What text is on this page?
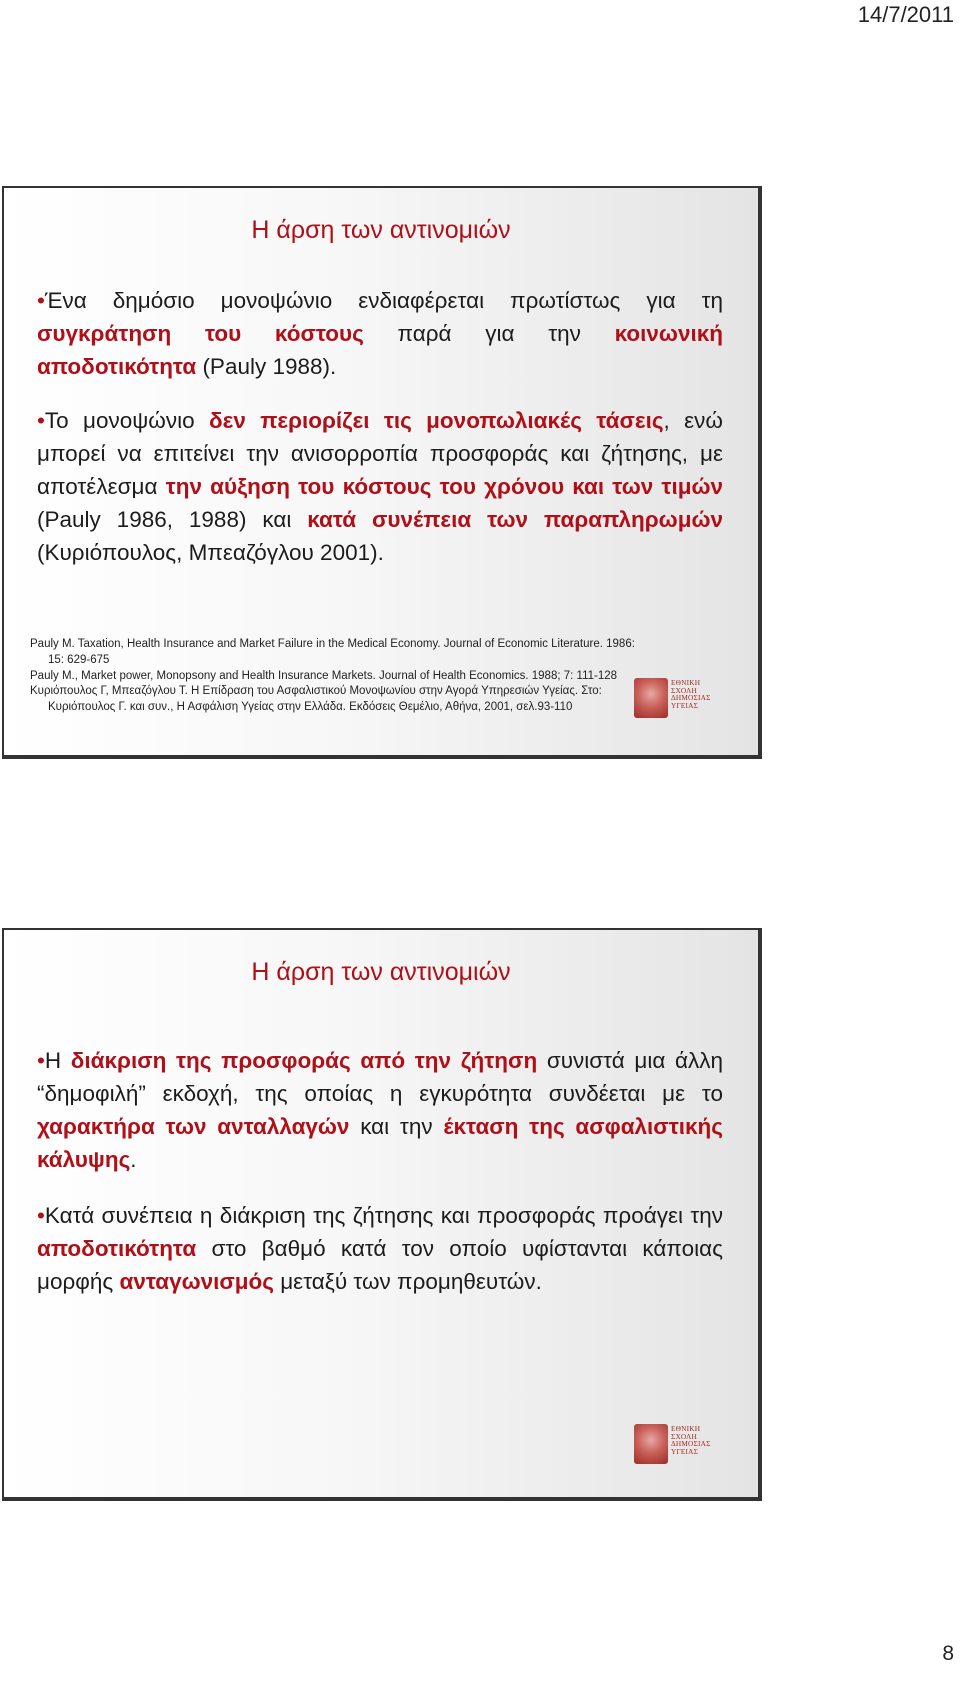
14/7/2011
Η άρση των αντινομιών
•Ένα δημόσιο μονοψώνιο ενδιαφέρεται πρωτίστως για τη συγκράτηση του κόστους παρά για την κοινωνική αποδοτικότητα (Pauly 1988).
•Το μονοψώνιο δεν περιορίζει τις μονοπωλιακές τάσεις, ενώ μπορεί να επιτείνει την ανισορροπία προσφοράς και ζήτησης, με αποτέλεσμα την αύξηση του κόστους του χρόνου και των τιμών (Pauly 1986, 1988) και κατά συνέπεια των παραπληρωμών (Κυριόπουλος, Μπεαζόγλου 2001).
Pauly M. Taxation, Health Insurance and Market Failure in the Medical Economy. Journal of Economic Literature. 1986:
15: 629-675
Pauly M., Market power, Monopsony and Health Insurance Markets. Journal of Health Economics. 1988; 7: 111-128
Κυριόπουλος Γ, Μπεαζόγλου Τ. Η Επίδραση του Ασφαλιστικού Μονοψωνίου στην Αγορά Υπηρεσιών Υγείας. Στο:
Κυριόπουλος Γ. και συν., Η Ασφάλιση Υγείας στην Ελλάδα. Εκδόσεις Θεμέλιο, Αθήνα, 2001, σελ.93-110
ΕΘΝΙΚΗ
ΣΧΟΛΗ
ΔΗΜΟΣΙΑΣ
ΥΓΕΙΑΣ
Η άρση των αντινομιών
•Η διάκριση της προσφοράς από την ζήτηση συνιστά μια άλλη “δημοφιλή” εκδοχή, της οποίας η εγκυρότητα συνδέεται με το χαρακτήρα των ανταλλαγών και την έκταση της ασφαλιστικής κάλυψης.
•Κατά συνέπεια η διάκριση της ζήτησης και προσφοράς προάγει την αποδοτικότητα στο βαθμό κατά τον οποίο υφίστανται κάποιας μορφής ανταγωνισμός μεταξύ των προμηθευτών.
ΕΘΝΙΚΗ
ΣΧΟΛΗ
ΔΗΜΟΣΙΑΣ
ΥΓΕΙΑΣ
8
